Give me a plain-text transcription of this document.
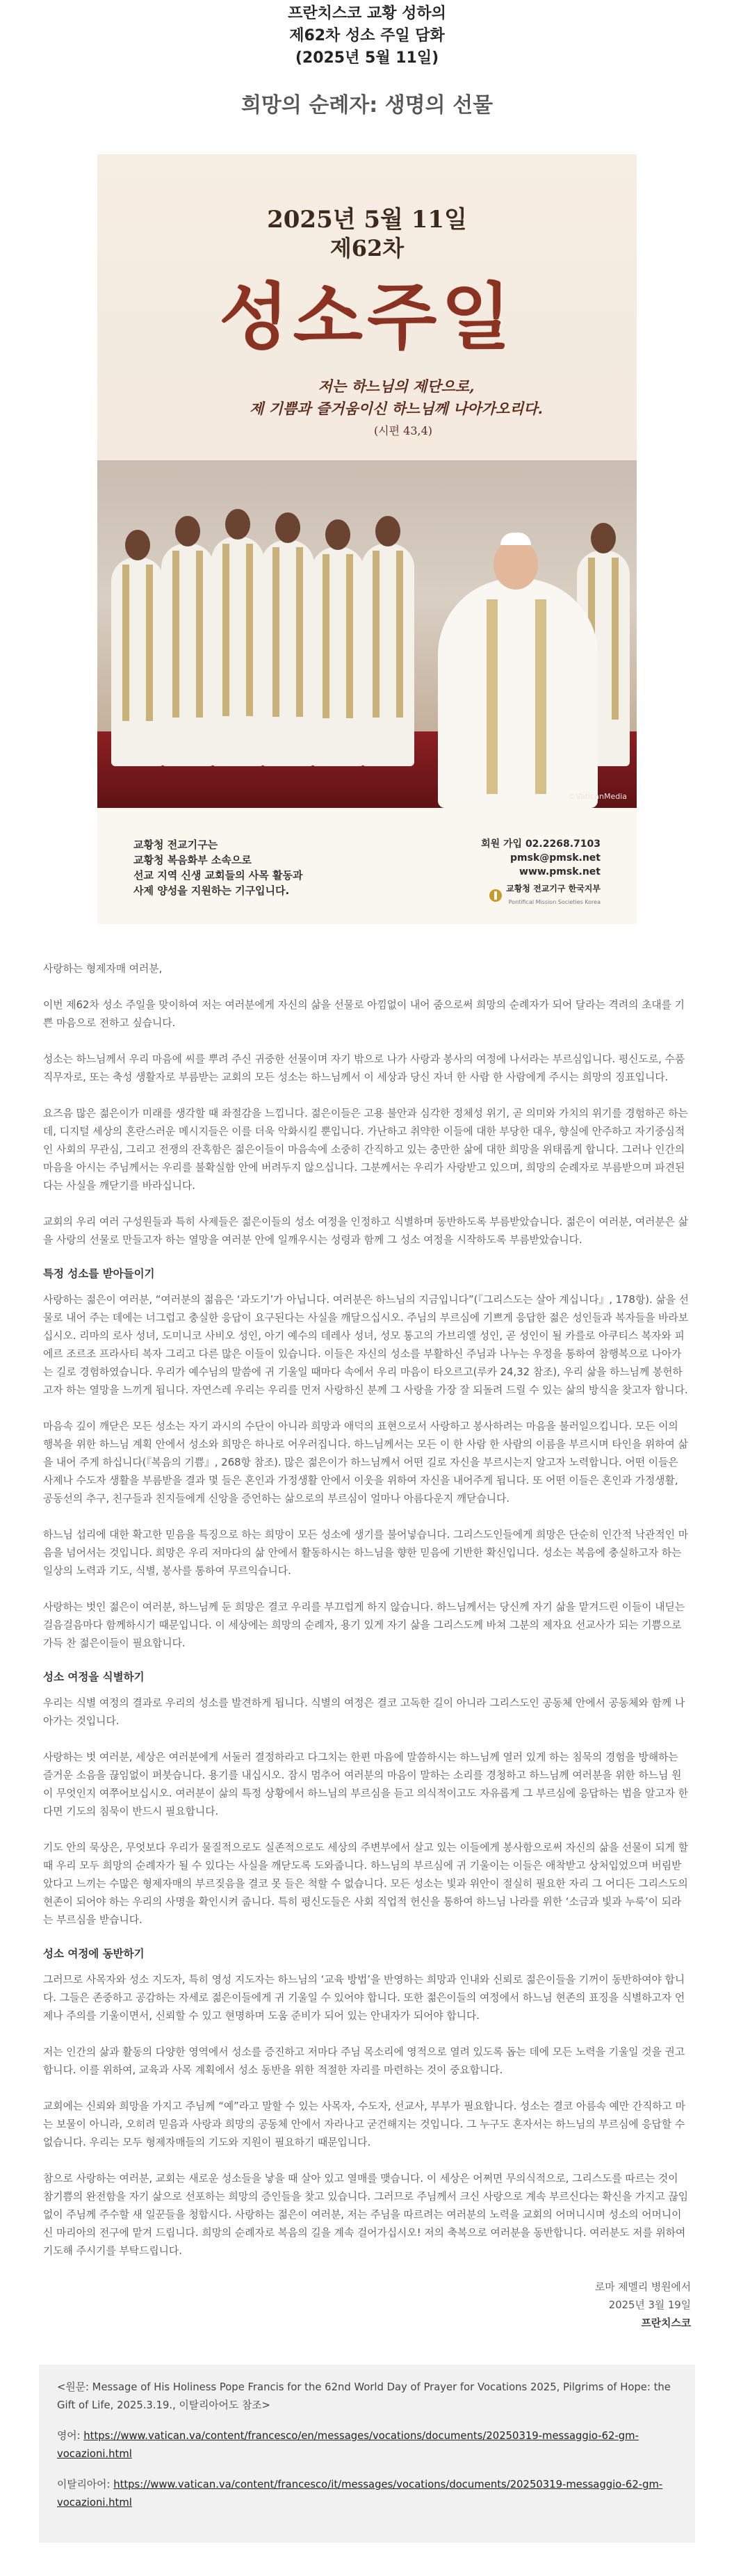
프란치스코 교황 성하의
제62차 성소 주일 담화
(2025년 5월 11일)
희망의 순례자: 생명의 선물
2025년 5월 11일
제62차
성소주일
저는 하느님의 제단으로,
제 기쁨과 즐거움이신 하느님께 나아가오리다.
(시편 43,4)
©VaticanMedia
교황청 전교기구는
교황청 복음화부 소속으로
선교 지역 신생 교회들의 사목 활동과
사제 양성을 지원하는 기구입니다.
회원 가입 02.2268.7103
pmsk@pmsk.net
www.pmsk.net
교황청 전교기구 한국지부
Pontifical Mission Societies Korea

사랑하는 형제자매 여러분,

이번 제62차 성소 주일을 맞이하여 저는 여러분에게 자신의 삶을 선물로 아낌없이 내어 줌으로써 희망의 순례자가 되어 달라는 격려의 초대를 기쁜 마음으로 전하고 싶습니다.

성소는 하느님께서 우리 마음에 씨를 뿌려 주신 귀중한 선물이며 자기 밖으로 나가 사랑과 봉사의 여정에 나서라는 부르심입니다. 평신도로, 수품 직무자로, 또는 축성 생활자로 부름받는 교회의 모든 성소는 하느님께서 이 세상과 당신 자녀 한 사람 한 사람에게 주시는 희망의 징표입니다.

요즈음 많은 젊은이가 미래를 생각할 때 좌절감을 느낍니다. 젊은이들은 고용 불안과 심각한 정체성 위기, 곧 의미와 가치의 위기를 경험하곤 하는데, 디지털 세상의 혼란스러운 메시지들은 이를 더욱 악화시킬 뿐입니다. 가난하고 취약한 이들에 대한 부당한 대우, 향실에 안주하고 자기중심적인 사회의 무관심, 그리고 전쟁의 잔혹함은 젊은이들이 마음속에 소중히 간직하고 있는 충만한 삶에 대한 희망을 위태롭게 합니다. 그러나 인간의 마음을 아시는 주님께서는 우리를 불확실함 안에 버려두지 않으십니다. 그분께서는 우리가 사랑받고 있으며, 희망의 순례자로 부름받으며 파견된다는 사실을 깨닫기를 바라십니다.

교회의 우리 여러 구성원들과 특히 사제들은 젊은이들의 성소 여정을 인정하고 식별하며 동반하도록 부름받았습니다. 젊은이 여러분, 여러분은 삶을 사랑의 선물로 만들고자 하는 열망을 여러분 안에 일깨우시는 성령과 함께 그 성소 여정을 시작하도록 부름받았습니다.

특정 성소를 받아들이기

사랑하는 젊은이 여러분, “여러분의 젊음은 ‘과도기’가 아닙니다. 여러분은 하느님의 지금입니다”(『그리스도는 살아 계십니다』, 178항). 삶을 선물로 내어 주는 데에는 너그럽고 충실한 응답이 요구된다는 사실을 깨달으십시오. 주님의 부르심에 기쁘게 응답한 젊은 성인들과 복자들을 바라보십시오. 리마의 로사 성녀, 도미니코 사비오 성인, 아기 예수의 데레사 성녀, 성모 통고의 가브리엘 성인, 곧 성인이 될 카를로 아쿠티스 복자와 피에르 조르조 프라사티 복자 그리고 다른 많은 이들이 있습니다. 이들은 자신의 성소를 부활하신 주님과 나누는 우정을 통하여 참행복으로 나아가는 길로 경험하였습니다. 우리가 예수님의 말씀에 귀 기울일 때마다 속에서 우리 마음이 타오르고(루카 24,32 참조), 우리 삶을 하느님께 봉헌하고자 하는 열망을 느끼게 됩니다. 자연스레 우리는 우리를 먼저 사랑하신 분께 그 사랑을 가장 잘 되돌려 드릴 수 있는 삶의 방식을 찾고자 합니다.

마음속 깊이 깨닫은 모든 성소는 자기 과시의 수단이 아니라 희망과 애덕의 표현으로서 사랑하고 봉사하려는 마음을 불러일으킵니다. 모든 이의 행복을 위한 하느님 계획 안에서 성소와 희망은 하나로 어우러집니다. 하느님께서는 모든 이 한 사람 한 사람의 이름을 부르시며 타인을 위하여 삶을 내어 주게 하십니다(『복음의 기쁨』, 268항 참조). 많은 젊은이가 하느님께서 어떤 길로 자신을 부르시는지 알고자 노력합니다. 어떤 이들은 사제나 수도자 생활을 부름받을 결과 몇 들은 혼인과 가정생활 안에서 이웃을 위하여 자신을 내어주게 됩니다. 또 어떤 이들은 혼인과 가정생활, 공동선의 추구, 친구들과 친지들에게 신앙을 증언하는 삶으로의 부르심이 얼마나 아름다운지 깨닫습니다.

하느님 섭리에 대한 확고한 믿음을 특징으로 하는 희망이 모든 성소에 생기를 불어넣습니다. 그리스도인들에게 희망은 단순히 인간적 낙관적인 마음을 넘어서는 것입니다. 희망은 우리 저마다의 삶 안에서 활동하시는 하느님을 향한 믿음에 기반한 확신입니다. 성소는 복음에 충실하고자 하는 일상의 노력과 기도, 식별, 봉사를 통하여 무르익습니다.

사랑하는 벗인 젊은이 여러분, 하느님께 둔 희망은 결코 우리를 부끄럽게 하지 않습니다. 하느님께서는 당신께 자기 삶을 맡겨드린 이들이 내딛는 걸음걸음마다 함께하시기 때문입니다. 이 세상에는 희망의 순례자, 용기 있게 자기 삶을 그리스도께 바쳐 그분의 제자요 선교사가 되는 기쁨으로 가득 찬 젊은이들이 필요합니다.

성소 여정을 식별하기

우리는 식별 여정의 결과로 우리의 성소를 발견하게 됩니다. 식별의 여정은 결코 고독한 길이 아니라 그리스도인 공동체 안에서 공동체와 함께 나아가는 것입니다.

사랑하는 벗 여러분, 세상은 여러분에게 서둘러 결정하라고 다그치는 한편 마음에 말씀하시는 하느님께 열러 있게 하는 침묵의 경험을 방해하는 즐거운 소음을 끊임없이 퍼붓습니다. 용기를 내십시오. 잠시 멈추어 여러분의 마음이 말하는 소리를 경청하고 하느님께 여러분을 위한 하느님 원이 무엇인지 여쭈어보십시오. 여러분이 삶의 특정 상황에서 하느님의 부르심을 듣고 의식적이고도 자유롭게 그 부르심에 응답하는 법을 알고자 한다면 기도의 침묵이 반드시 필요합니다.

기도 안의 묵상은, 무엇보다 우리가 물질적으로도 실존적으로도 세상의 주변부에서 살고 있는 이들에게 봉사함으로써 자신의 삶을 선물이 되게 할 때 우리 모두 희망의 순례자가 될 수 있다는 사실을 깨닫도록 도와줍니다. 하느님의 부르심에 귀 기울이는 이들은 애착받고 상처입었으며 버림받았다고 느끼는 수많은 형제자매의 부르짖음을 결코 못 들은 척할 수 없습니다. 모든 성소는 빛과 위안이 절실히 필요한 자리 그 어디든 그리스도의 현존이 되어야 하는 우리의 사명을 확인시켜 줍니다. 특히 평신도들은 사회 직업적 헌신을 통하여 하느님 나라를 위한 ‘소금과 빛과 누룩’이 되라는 부르심을 받습니다.

성소 여정에 동반하기

그러므로 사목자와 성소 지도자, 특히 영성 지도자는 하느님의 ‘교육 방법’을 반영하는 희망과 인내와 신뢰로 젊은이들을 기꺼이 동반하여야 합니다. 그들은 존중하고 공감하는 자세로 젊은이들에게 귀 기울일 수 있어야 합니다. 또한 젊은이들의 여정에서 하느님 현존의 표징을 식별하고자 언제나 주의를 기울이면서, 신뢰할 수 있고 현명하며 도움 준비가 되어 있는 안내자가 되어야 합니다.

저는 인간의 삶과 활동의 다양한 영역에서 성소를 증진하고 저마다 주님 목소리에 영적으로 열려 있도록 돕는 데에 모든 노력을 기울일 것을 권고합니다. 이를 위하여, 교육과 사목 계획에서 성소 동반을 위한 적절한 자리를 마련하는 것이 중요합니다.

교회에는 신뢰와 희망을 가지고 주님께 “예”라고 말할 수 있는 사목자, 수도자, 선교사, 부부가 필요합니다. 성소는 결코 아름속 예만 간직하고 마는 보물이 아니라, 오히려 믿음과 사랑과 희망의 공동체 안에서 자라나고 굳건해지는 것입니다. 그 누구도 혼자서는 하느님의 부르심에 응답할 수 없습니다. 우리는 모두 형제자매들의 기도와 지원이 필요하기 때문입니다.

참으로 사랑하는 여러분, 교회는 새로운 성소들을 낳을 때 살아 있고 열매를 맺습니다. 이 세상은 어쩌면 무의식적으로, 그리스도를 따르는 것이 참기쁨의 완전함을 자기 삶으로 선포하는 희망의 증인들을 찾고 있습니다. 그러므로 주님께서 크신 사랑으로 계속 부르신다는 확신을 가지고 끊임없이 주님께 주수할 새 일꾼들을 청합시다. 사랑하는 젊은이 여러분, 저는 주님을 따르려는 여러분의 노력을 교회의 어머니시며 성소의 어머니이신 마리아의 전구에 맡겨 드립니다. 희망의 순례자로 복음의 길을 계속 걸어가십시오! 저의 축복으로 여러분을 동반합니다. 여러분도 저를 위하여 기도해 주시기를 부탁드립니다.

로마 제멜리 병원에서
2025년 3월 19일
프란치스코
<원문: Message of His Holiness Pope Francis for the 62nd World Day of Prayer for Vocations 2025, Pilgrims of Hope: the Gift of Life, 2025.3.19., 이탈리아어도 참조>
영어: https://www.vatican.va/content/francesco/en/messages/vocations/documents/20250319-messaggio-62-gm-vocazioni.html
이탈리아어: https://www.vatican.va/content/francesco/it/messages/vocations/documents/20250319-messaggio-62-gm-vocazioni.html
